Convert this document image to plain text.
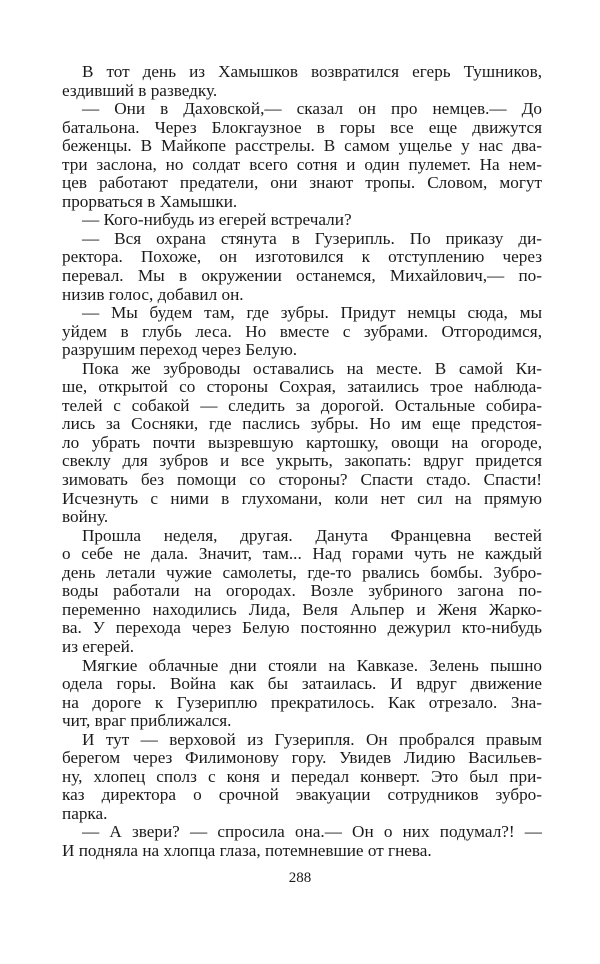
В тот день из Хамышков возвратился егерь Тушников,
ездивший в разведку.
— Они в Даховской,— сказал он про немцев.— До
батальона. Через Блокгаузное в горы все еще движутся
беженцы. В Майкопе расстрелы. В самом ущелье у нас два-
три заслона, но солдат всего сотня и один пулемет. На нем-
цев работают предатели, они знают тропы. Словом, могут
прорваться в Хамышки.
— Кого-нибудь из егерей встречали?
— Вся охрана стянута в Гузерипль. По приказу ди-
ректора. Похоже, он изготовился к отступлению через
перевал. Мы в окружении останемся, Михайлович,— по-
низив голос, добавил он.
— Мы будем там, где зубры. Придут немцы сюда, мы
уйдем в глубь леса. Но вместе с зубрами. Отгородимся,
разрушим переход через Белую.
Пока же зуброводы оставались на месте. В самой Ки-
ше, открытой со стороны Сохрая, затаились трое наблюда-
телей с собакой — следить за дорогой. Остальные собира-
лись за Сосняки, где паслись зубры. Но им еще предстоя-
ло убрать почти вызревшую картошку, овощи на огороде,
свеклу для зубров и все укрыть, закопать: вдруг придется
зимовать без помощи со стороны? Спасти стадо. Спасти!
Исчезнуть с ними в глухомани, коли нет сил на прямую
войну.
Прошла неделя, другая. Данута Францевна вестей
о себе не дала. Значит, там... Над горами чуть не каждый
день летали чужие самолеты, где-то рвались бомбы. Зубро-
воды работали на огородах. Возле зубриного загона по-
переменно находились Лида, Веля Альпер и Женя Жарко-
ва. У перехода через Белую постоянно дежурил кто-нибудь
из егерей.
Мягкие облачные дни стояли на Кавказе. Зелень пышно
одела горы. Война как бы затаилась. И вдруг движение
на дороге к Гузериплю прекратилось. Как отрезало. Зна-
чит, враг приближался.
И тут — верховой из Гузерипля. Он пробрался правым
берегом через Филимонову гору. Увидев Лидию Васильев-
ну, хлопец сполз с коня и передал конверт. Это был при-
каз директора о срочной эвакуации сотрудников зубро-
парка.
— А звери? — спросила она.— Он о них подумал?! —
И подняла на хлопца глаза, потемневшие от гнева.
288
